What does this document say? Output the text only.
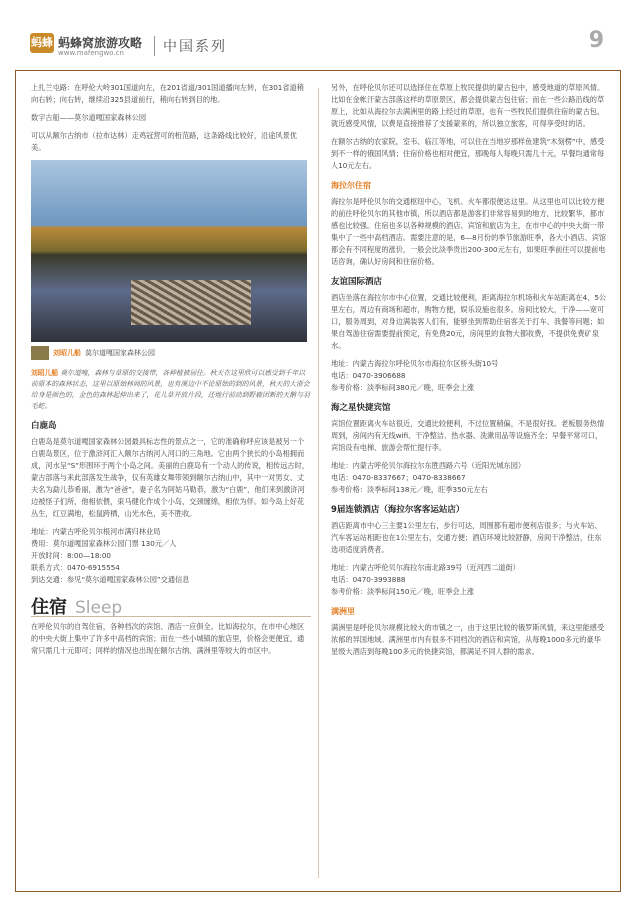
蚂蜂窝
蚂蜂窝旅游攻略
www.mafengwo.cn	中国系列	9

上扎兰屯路：在呼伦大岭301国道向左，在201省道/301国道播向左转，在301省道稍向右转；向右转，继续沿325县道前行，稍向右转到目的地。

数字古船——莫尔道嘎国家森林公园

可以从额尔古纳市（拉布达林）走鸡冠营可的桁范路，这条路线比较好，沿途风景优美。

刘昭儿船 莫尔道嘎国家森林公园

刘昭儿船 莫尔道嘎，森林与草原的交接带，各种植被居住。秋天在这里欣可以感受到千年以前原本的森林状态，这里以原始林间的风景，也有溪边中不论原始的到的风景，秋天的大浙会给身是颜色的，金色的森林起伸出来了，花儿草开放片段，还地行前动到野鹿团新的天鹅与羽毛蛇。

白鹿岛

白鹿岛是莫尔道嘎国家森林公园最具标志性的景点之一，它的准确称呼应该是被另一个白鹿岛景区，位于激浒河汇入额尔古纳河入河口的三角地。它由两个狭长的小岛相拥而成，河水呈“S”形围环于两个小岛之间。美丽的白鹿岛有一个动人的传说，相传远古时，蒙古部落与来此部落发生战争，仅有英雄女舞带领到额尔古纳山中，其中一对男女、丈夫名为勐儿恭希丽，激为“爸爸”，妻子名为阿姑马勒恭，激为“白鹿”，他们来到激浒河边被怪子们所，他相依偎，束马健化作成个小岛，交颈缠绵，相依为伴。如今岛上好花丛生，红豆满地，松鼠跨栖，山光水色，美不胜收。

地址：内蒙古呼伦贝尔根河市满归林业局

费用：莫尔道嘎国家森林公园门票 130元／人

开放时间：8:00—18:00

联系方式：0470-6915554

到达交通：参见“莫尔道嘎国家森林公园”交通信息

住宿 Sleep

在呼伦贝尔的自驾住宿，各种档次的宾馆、酒店一应俱全。比如海拉尔，在市中心地区的中央大街上集中了许多中高档的宾馆；而在一些小城镇的旅店里，价格会更便宜，通常只需几十元即可；同样的情况也出现在额尔古纳、满洲里等较大的市区中。

另外，在呼伦贝尔还可以选择住在草原上牧民提供的蒙古包中，感受地道的草原风情。比如在金帐汗蒙古部落这样的草原景区，都会提供蒙古包住宿；而在一些公路沿线的草原上，比如从海拉尔去满洲里的路上经过的草原，也有一些牧民们提供住宿的蒙古包，就近感受风情，以费是直接推荐了支援蒙来的，所以独立旅客，可得享受时的话。

在额尔古纳的农家院，室韦、临江等地，可以住在当地岁那样鱼建筑“木刻楞”中，感受到不一样的俄国风情；住宿价格也相对便宜，那晚每人每晚只需几十元，早餐均通常每人10元左右。

海拉尔住宿

海拉尔是呼伦贝尔的交通枢纽中心，飞机、火车都很便达这里。从这里也可以比较方便的前往呼伦贝尔的其他市镇，所以酒店都是游客们非常容易到的地方，比较繁华，都市感也比较强。住宿也多以各种规模的酒店、宾馆和旅店为主，在市中心的中央大街一带集中了一些中高档酒店。需要注意的是，6—8月份的季节旅游旺季，各大小酒店、宾馆都会有不同程度的涨价，一般会比淡季贵出200-300元左右，如果旺季前往可以提前电话咨询，确认好房间和住宿价格。

友谊国际酒店

酒店坐落在海拉尔市中心位置，交通比较便利，距离海拉尔机场和火车站距离在4、5公里左右，周边有商场和超市，购物方便，娱乐设施也很多。房间比较大，干净——宽可口，服务周到，对身边满装客人们有，能够坐到帮助住宿客关于打车、我餐等问题；如果自驾游住宿需要提前预定，有免费20元，房间里的食物大都收费，不提供免费矿泉水。

地址：内蒙古海拉尔呼伦贝尔市海拉尔区桥头街10号

电话：0470-3906688

参考价格：淡季标间380元／晚，旺季会上涨

海之星快捷宾馆

宾馆位置距离火车站很近，交通比较便利，不过位置稍偏，不是很好找。老板服务热情周到，房间内有无线wifi、干净整洁、热水器、洗漱用品等设施齐全；早餐平常可口，宾馆设有电梯、旅游会帮忙提行李。

地址：内蒙古呼伦贝尔海拉尔东胜西路六号（近阳光城东园）

电话：0470-8337667；0470-8338667

参考价格：淡季标间138元／晚，旺季350元左右

9届连锁酒店（海拉尔客客运站店）

酒店距离市中心三主要1公里左右，步行可达，周围都有超市便利店很多；与火车站、汽车客运站相距也在1公里左右，交通方便；酒店环境比较舒静，房间干净整洁，住东选项适度消费者。

地址：内蒙古呼伦贝尔海拉尔南北路39号（近河西二道街）

电话：0470-3993888

参考价格：淡季标间150元／晚，旺季会上涨

满洲里

满洲里是呼伦贝尔规模比较大的市镇之一，由于这里比较的俄罗斯风情，来这里能感受浓郁的异国地域。满洲里市内有很多不同档次的酒店和宾馆，从每晚1000多元的豪华星级大酒店到每晚100多元的快捷宾馆，都满足不同人群的需求。
